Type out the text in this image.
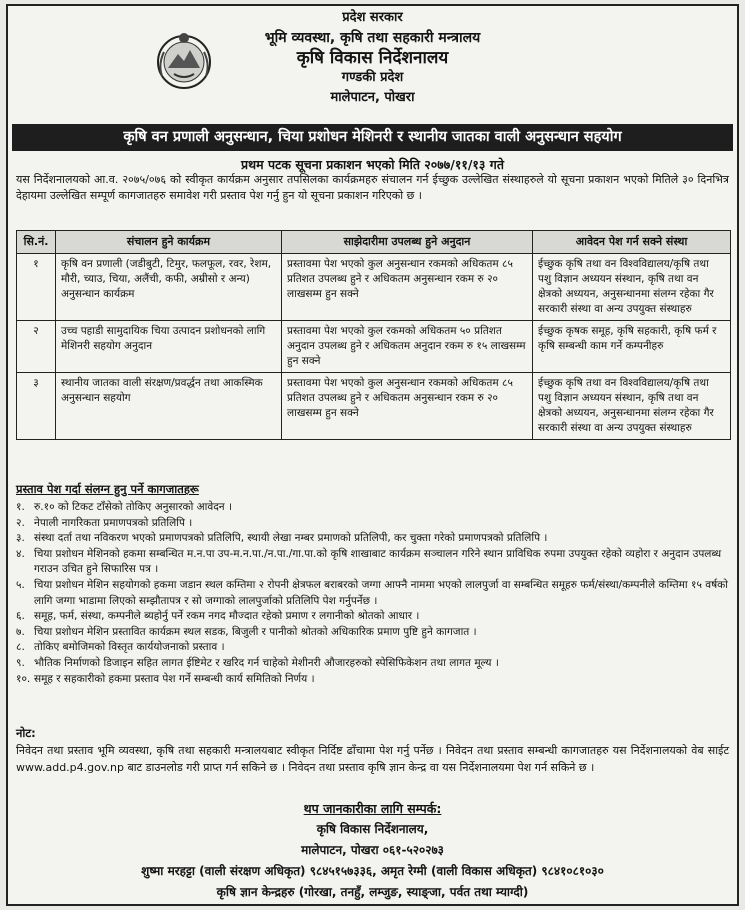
प्रदेश सरकार
भूमि व्यवस्था, कृषि तथा सहकारी मन्त्रालय
कृषि विकास निर्देशनालय
गण्डकी प्रदेश
मालेपाटन, पोखरा
कृषि वन प्रणाली अनुसन्धान, चिया प्रशोधन मेशिनरी र स्थानीय जातका वाली अनुसन्धान सहयोग
प्रथम पटक सूचना प्रकाशन भएको मिति २०७७/११/१३ गते
यस निर्देशनालयको आ.व. २०७५/०७६ को स्वीकृत कार्यक्रम अनुसार तपसिलका कार्यक्रमहरु संचालन गर्न ईच्छुक उल्लेखित संस्थाहरुले यो सूचना प्रकाशन भएको मितिले ३० दिनभित्र देहायमा उल्लेखित सम्पूर्ण कागजातहरु समावेश गरी प्रस्ताव पेश गर्नु हुन यो सूचना प्रकाशन गरिएको छ ।
सि.नं.	संचालन हुने कार्यक्रम	साझेदारीमा उपलब्ध हुने अनुदान	आवेदन पेश गर्न सक्ने संस्था
१	कृषि वन प्रणाली (जडीबुटी, टिमुर, फलफूल, रवर, रेशम, मौरी, च्याउ, चिया, अलैंची, कफी, अम्रीसो र अन्य) अनुसन्धान कार्यक्रम	प्रस्तावमा पेश भएको कुल अनुसन्धान रकमको अधिकतम ८५ प्रतिशत उपलब्ध हुने र अधिकतम अनुसन्धान रकम रु २० लाखसम्म हुन सक्ने	ईच्छुक कृषि तथा वन विश्वविद्यालय/कृषि तथा पशु विज्ञान अध्ययन संस्थान, कृषि तथा वन क्षेत्रको अध्ययन, अनुसन्धानमा संलग्न रहेका गैर सरकारी संस्था वा अन्य उपयुक्त संस्थाहरु
२	उच्च पहाडी सामुदायिक चिया उत्पादन प्रशोधनको लागि मेशिनरी सहयोग अनुदान	प्रस्तावमा पेश भएको कुल रकमको अधिकतम ५० प्रतिशत अनुदान उपलब्ध हुने र अधिकतम अनुदान रकम रु १५ लाखसम्म हुन सक्ने	ईच्छुक कृषक समूह, कृषि सहकारी, कृषि फर्म र कृषि सम्बन्धी काम गर्ने कम्पनीहरु
३	स्थानीय जातका वाली संरक्षण/प्रवर्द्धन तथा आकस्मिक अनुसन्धान सहयोग	प्रस्तावमा पेश भएको कुल अनुसन्धान रकमको अधिकतम ८५ प्रतिशत उपलब्ध हुने र अधिकतम अनुसन्धान रकम रु २० लाखसम्म हुन सक्ने	ईच्छुक कृषि तथा वन विश्वविद्यालय/कृषि तथा पशु विज्ञान अध्ययन संस्थान, कृषि तथा वन क्षेत्रको अध्ययन, अनुसन्धानमा संलग्न रहेका गैर सरकारी संस्था वा अन्य उपयुक्त संस्थाहरु
प्रस्ताव पेश गर्दा संलग्न हुनु पर्ने कागजातहरू
१. रु.१० को टिकट टाँसेको तोकिए अनुसारको आवेदन ।
२. नेपाली नागरिकता प्रमाणपत्रको प्रतिलिपि ।
३. संस्था दर्ता तथा नविकरण भएको प्रमाणपत्रको प्रतिलिपि, स्थायी लेखा नम्बर प्रमाणको प्रतिलिपी, कर चुक्ता गरेको प्रमाणपत्रको प्रतिलिपि ।
४. चिया प्रशोधन मेशिनको हकमा सम्बन्धित म.न.पा उप-म.न.पा./न.पा./गा.पा.को कृषि शाखाबाट कार्यक्रम सञ्चालन गरिने स्थान प्राविधिक रुपमा उपयुक्त रहेको व्यहोरा र अनुदान उपलब्ध गराउन उचित हुने सिफारिस पत्र ।
५. चिया प्रशोधन मेशिन सहयोगको हकमा जडान स्थल कम्तिमा २ रोपनी क्षेत्रफल बराबरको जग्गा आफ्नै नाममा भएको लालपुर्जा वा सम्बन्धित समूहरु फर्म/संस्था/कम्पनीले कम्तिमा १५ वर्षको लागि जग्गा भाडामा लिएको सम्झौतापत्र र सो जग्गाको लालपुर्जाको प्रतिलिपि पेश गर्नुपर्नेछ ।
६. समूह, फर्म, संस्था, कम्पनीले ब्यहोर्नु पर्ने रकम नगद मौज्दात रहेको प्रमाण र लगानीको श्रोतको आधार ।
७. चिया प्रशोधन मेशिन प्रस्तावित कार्यक्रम स्थल सडक, बिजुली र पानीको श्रोतको अधिकारिक प्रमाण पुष्टि हुने कागजात ।
८. तोकिए बमोजिमको विस्तृत कार्ययोजनाको प्रस्ताव ।
९. भौतिक निर्माणको डिजाइन सहित लागत ईष्टिमेट र खरिद गर्न चाहेको मेशीनरी औजारहरुको स्पेसिफिकेशन तथा लागत मूल्य ।
१०. समूह र सहकारीको हकमा प्रस्ताव पेश गर्ने सम्बन्धी कार्य समितिको निर्णय ।
नोट:
निवेदन तथा प्रस्ताव भूमि व्यवस्था, कृषि तथा सहकारी मन्त्रालयबाट स्वीकृत निर्दिष्ट ढाँचामा पेश गर्नु पर्नेछ । निवेदन तथा प्रस्ताव सम्बन्धी कागजातहरु यस निर्देशनालयको वेब साईट www.add.p4.gov.np बाट डाउनलोड गरी प्राप्त गर्न सकिने छ । निवेदन तथा प्रस्ताव कृषि ज्ञान केन्द्र वा यस निर्देशनालयमा पेश गर्न सकिने छ ।
थप जानकारीका लागि सम्पर्क:
कृषि विकास निर्देशनालय,
मालेपाटन, पोखरा ०६१-५२०२७३
शुष्मा मरहट्टा (वाली संरक्षण अधिकृत) ९८४५१५७३३६, अमृत रेग्मी (वाली विकास अधिकृत) ९८४१०८१०३०
कृषि ज्ञान केन्द्रहरु (गोरखा, तनहुँ, लम्जुङ, स्याङ्जा, पर्वत तथा म्याग्दी)
